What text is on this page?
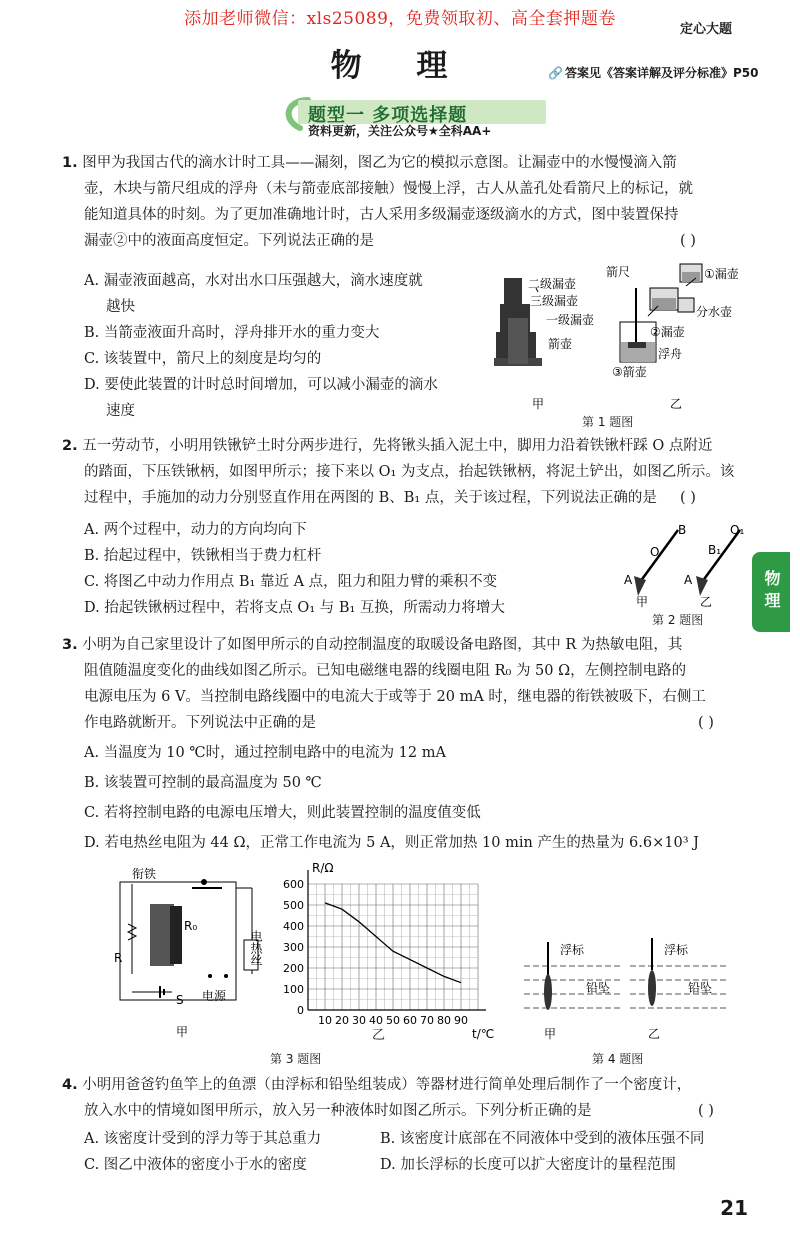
添加老师微信：xls25089，免费领取初、高全套押题卷
定心大题
物 理	🔗 答案见《答案详解及评分标准》P50
题型一 多项选择题
资料更新，关注公众号★全科AA+
1. 图甲为我国古代的滴水计时工具——漏刻，图乙为它的模拟示意图。让漏壶中的水慢慢滴入箭
壶，木块与箭尺组成的浮舟（未与箭壶底部接触）慢慢上浮，古人从盖孔处看箭尺上的标记，就
能知道具体的时刻。为了更加准确地计时，古人采用多级漏壶逐级滴水的方式，图中装置保持
漏壶②中的液面高度恒定。下列说法正确的是	( )
A. 漏壶液面越高，水对出水口压强越大，滴水速度就
越快
B. 当箭壶液面升高时，浮舟排开水的重力变大
C. 该装置中，箭尺上的刻度是均匀的
D. 要使此装置的计时总时间增加，可以减小漏壶的滴水
速度
二级漏壶
三级漏壶
一级漏壶
箭壶
箭尺	①漏壶
分水壶
②漏壶
浮舟
③箭壶
甲	乙
第 1 题图
2. 五一劳动节，小明用铁锹铲土时分两步进行，先将锹头插入泥土中，脚用力沿着铁锹杆踩 O 点附近
的踏面，下压铁锹柄，如图甲所示；接下来以 O₁ 为支点，抬起铁锹柄，将泥土铲出，如图乙所示。该
过程中，手施加的动力分别竖直作用在两图的 B、B₁ 点，关于该过程，下列说法正确的是	( )
A. 两个过程中，动力的方向均向下
B. 抬起过程中，铁锹相当于费力杠杆
C. 将图乙中动力作用点 B₁ 靠近 A 点，阻力和阻力臂的乘积不变
D. 抬起铁锹柄过程中，若将支点 O₁ 与 B₁ 互换，所需动力将增大
B
O
A
B₁
O₁
A
甲	乙
第 2 题图
物理
3. 小明为自己家里设计了如图甲所示的自动控制温度的取暖设备电路图，其中 R 为热敏电阻，其
阻值随温度变化的曲线如图乙所示。已知电磁继电器的线圈电阻 R₀ 为 50 Ω，左侧控制电路的
电源电压为 6 V。当控制电路线圈中的电流大于或等于 20 mA 时，继电器的衔铁被吸下，右侧工
作电路就断开。下列说法中正确的是	( )
A. 当温度为 10 ℃时，通过控制电路中的电流为 12 mA
B. 该装置可控制的最高温度为 50 ℃
C. 若将控制电路的电源电压增大，则此装置控制的温度值变低
D. 若电热丝电阻为 44 Ω，正常工作电流为 5 A，则正常加热 10 min 产生的热量为 6.6×10³ J
衔铁
R₀
R
S 电源
电热丝
甲
100
200
300
400
500
600
10 20 30 40 50 60 70 80 90
0
R/Ω
t/℃
乙
第 3 题图
浮标
铅坠
浮标
铅坠
甲	乙
第 4 题图
4. 小明用爸爸钓鱼竿上的鱼漂（由浮标和铅坠组装成）等器材进行简单处理后制作了一个密度计，
放入水中的情境如图甲所示，放入另一种液体时如图乙所示。下列分析正确的是	( )
A. 该密度计受到的浮力等于其总重力	B. 该密度计底部在不同液体中受到的液体压强不同
C. 图乙中液体的密度小于水的密度	D. 加长浮标的长度可以扩大密度计的量程范围
21
